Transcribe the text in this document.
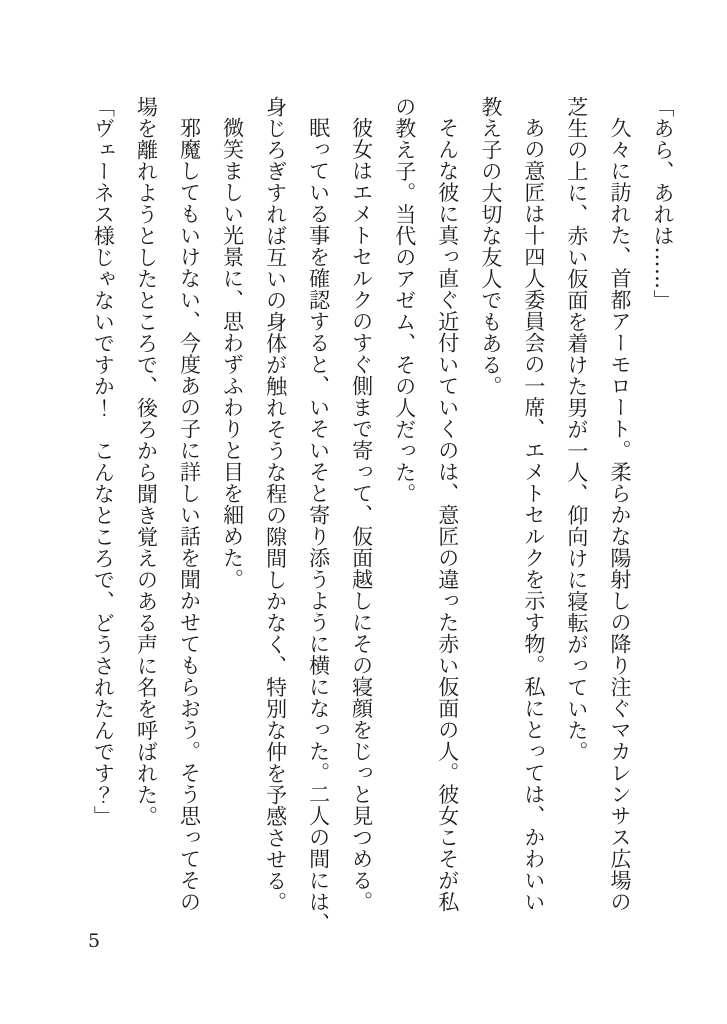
「あら、あれは……」

久々に訪れた、首都アーモロート。柔らかな陽射しの降り注ぐマカレンサス広場の
芝生の上に、赤い仮面を着けた男が一人、仰向けに寝転がっていた。

あの意匠は十四人委員会の一席、エメトセルクを示す物。私にとっては、かわいい
教え子の大切な友人でもある。

そんな彼に真っ直ぐ近付いていくのは、意匠の違った赤い仮面の人。彼女こそが私
の教え子。当代のアゼム、その人だった。

彼女はエメトセルクのすぐ側まで寄って、仮面越しにその寝顔をじっと見つめる。

眠っている事を確認すると、いそいそと寄り添うように横になった。二人の間には、
身じろぎすれば互いの身体が触れそうな程の隙間しかなく、特別な仲を予感させる。

微笑ましい光景に、思わずふわりと目を細めた。

邪魔してもいけない、今度あの子に詳しい話を聞かせてもらおう。そう思ってその
場を離れようとしたところで、後ろから聞き覚えのある声に名を呼ばれた。

「ヴェーネス様じゃないですか！　こんなところで、どうされたんです？」

5
